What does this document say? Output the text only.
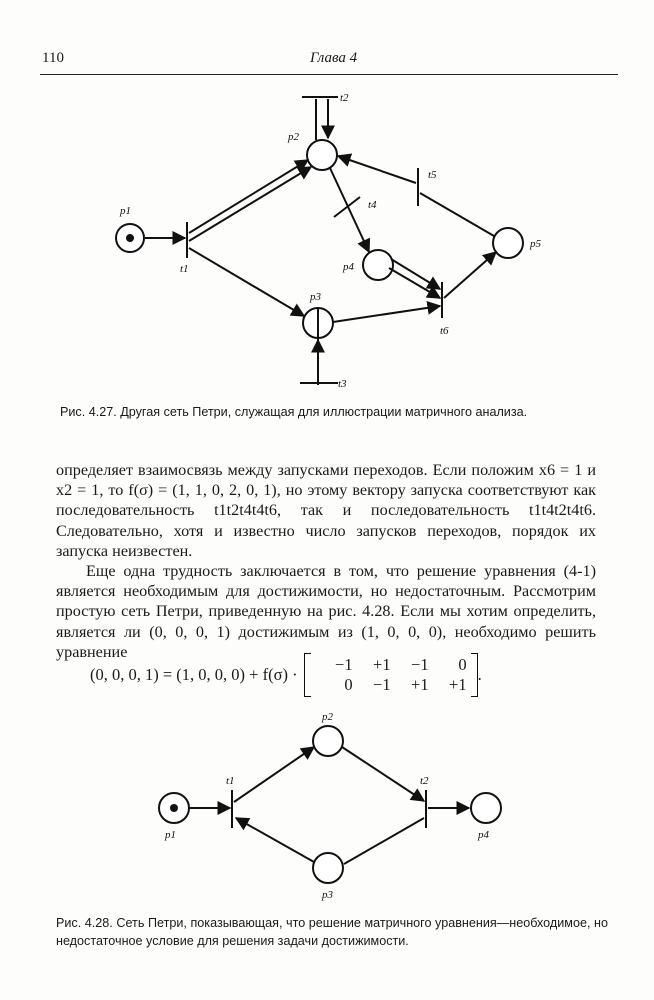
110	Глава 4
p1
p2
p3
p4
p5
t1
t2
t3
t4
t5
t6
Рис. 4.27. Другая сеть Петри, служащая для иллюстрации матричного анализа.

определяет взаимосвязь между запусками переходов. Если положим x6 = 1 и x2 = 1, то f(σ) = (1, 1, 0, 2, 0, 1), но этому вектору запуска соответствуют как последовательность t1t2t4t4t6, так и последовательность t1t4t2t4t6. Следовательно, хотя и известно число запусков переходов, порядок их запуска неизвестен.

Еще одна трудность заключается в том, что решение уравнения (4-1) является необходимым для достижимости, но недостаточным. Рассмотрим простую сеть Петри, приведенную на рис. 4.28. Если мы хотим определить, является ли (0, 0, 0, 1) достижимым из (1, 0, 0, 0), необходимо решить уравнение

(0, 0, 0, 1) = (1, 0, 0, 0) + f(σ) ·
−1	+1	−1	0
0	−1	+1	+1
.
p1
p2
p3
p4
t1	t2
Рис. 4.28. Сеть Петри, показывающая, что решение матричного уравнения—необходимое, но недостаточное условие для решения задачи достижимости.
